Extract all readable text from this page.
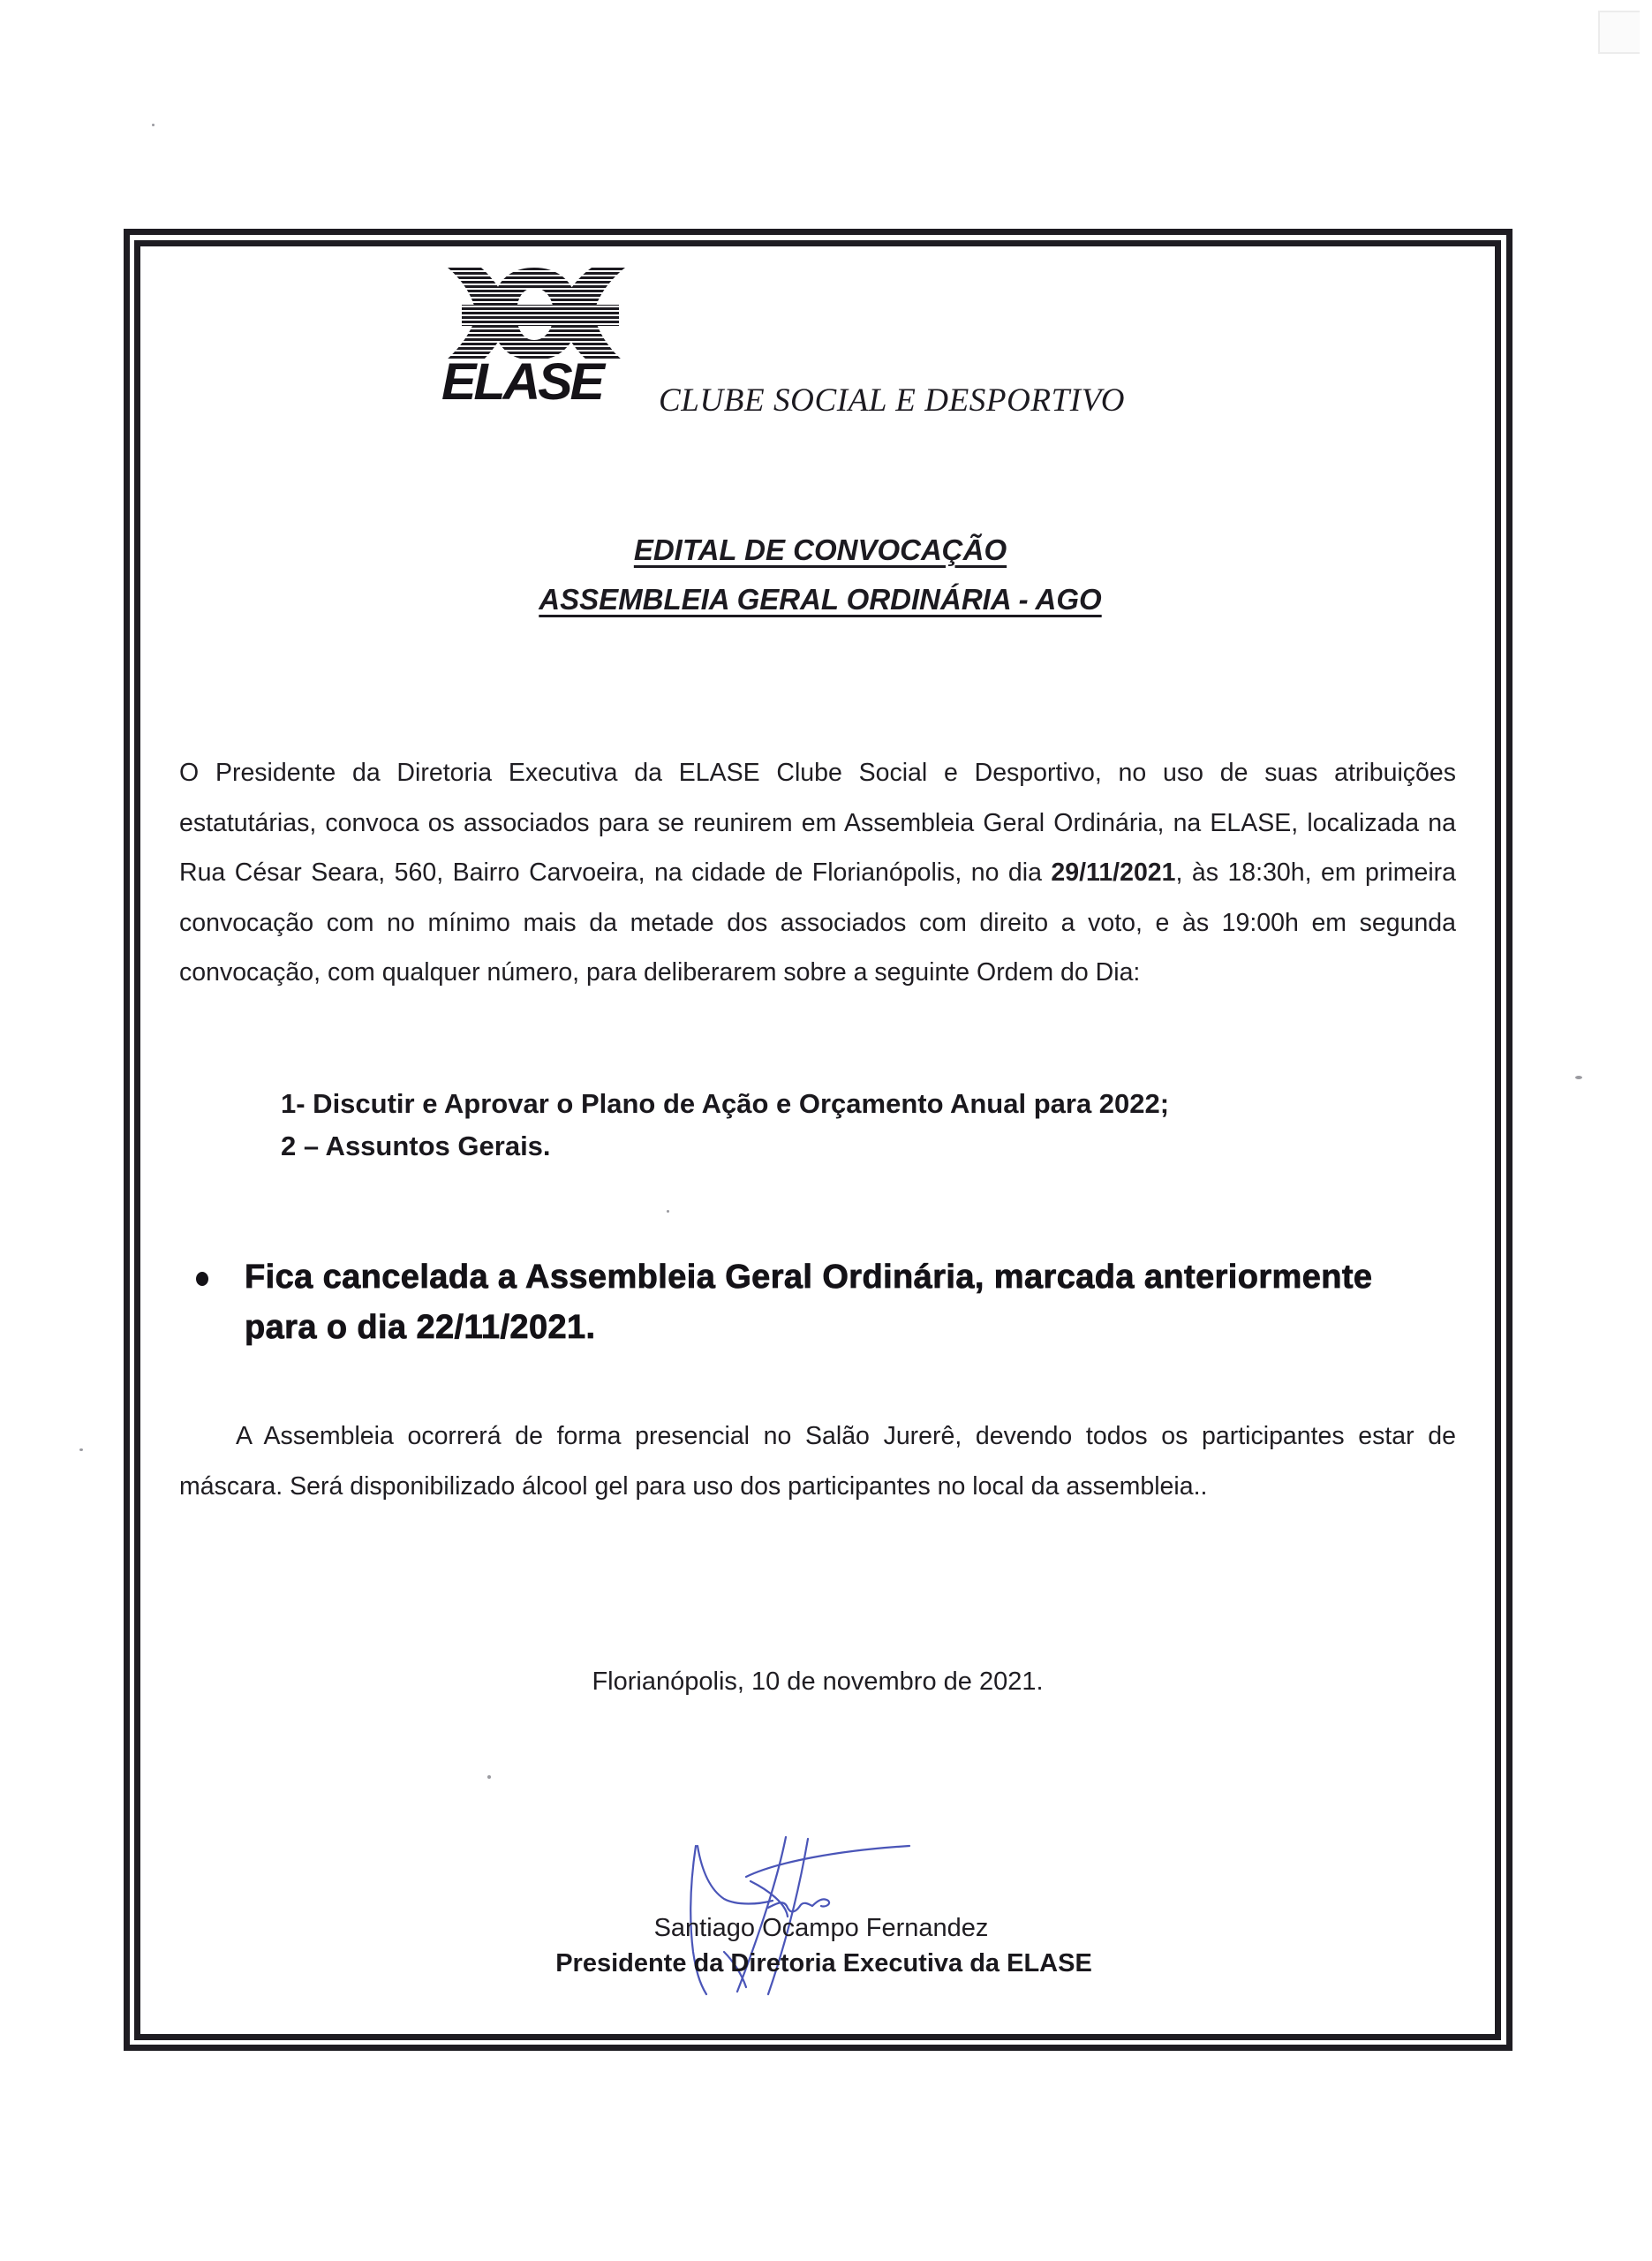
ELASE CLUBE SOCIAL E DESPORTIVO
EDITAL DE CONVOCAÇÃO
ASSEMBLEIA GERAL ORDINÁRIA - AGO
O Presidente da Diretoria Executiva da ELASE Clube Social e Desportivo, no uso de suas atribuições estatutárias, convoca os associados para se reunirem em Assembleia Geral Ordinária, na ELASE, localizada na Rua César Seara, 560, Bairro Carvoeira, na cidade de Florianópolis, no dia 29/11/2021, às 18:30h, em primeira convocação com no mínimo mais da metade dos associados com direito a voto, e às 19:00h em segunda convocação, com qualquer número, para deliberarem sobre a seguinte Ordem do Dia:
1- Discutir e Aprovar o Plano de Ação e Orçamento Anual para 2022;
2 – Assuntos Gerais.
Fica cancelada a Assembleia Geral Ordinária, marcada anteriormente para o dia 22/11/2021.
A Assembleia ocorrerá de forma presencial no Salão Jurerê, devendo todos os participantes estar de máscara. Será disponibilizado álcool gel para uso dos participantes no local da assembleia..
Florianópolis, 10 de novembro de 2021.
Santiago Ocampo Fernandez
Presidente da Diretoria Executiva da ELASE
